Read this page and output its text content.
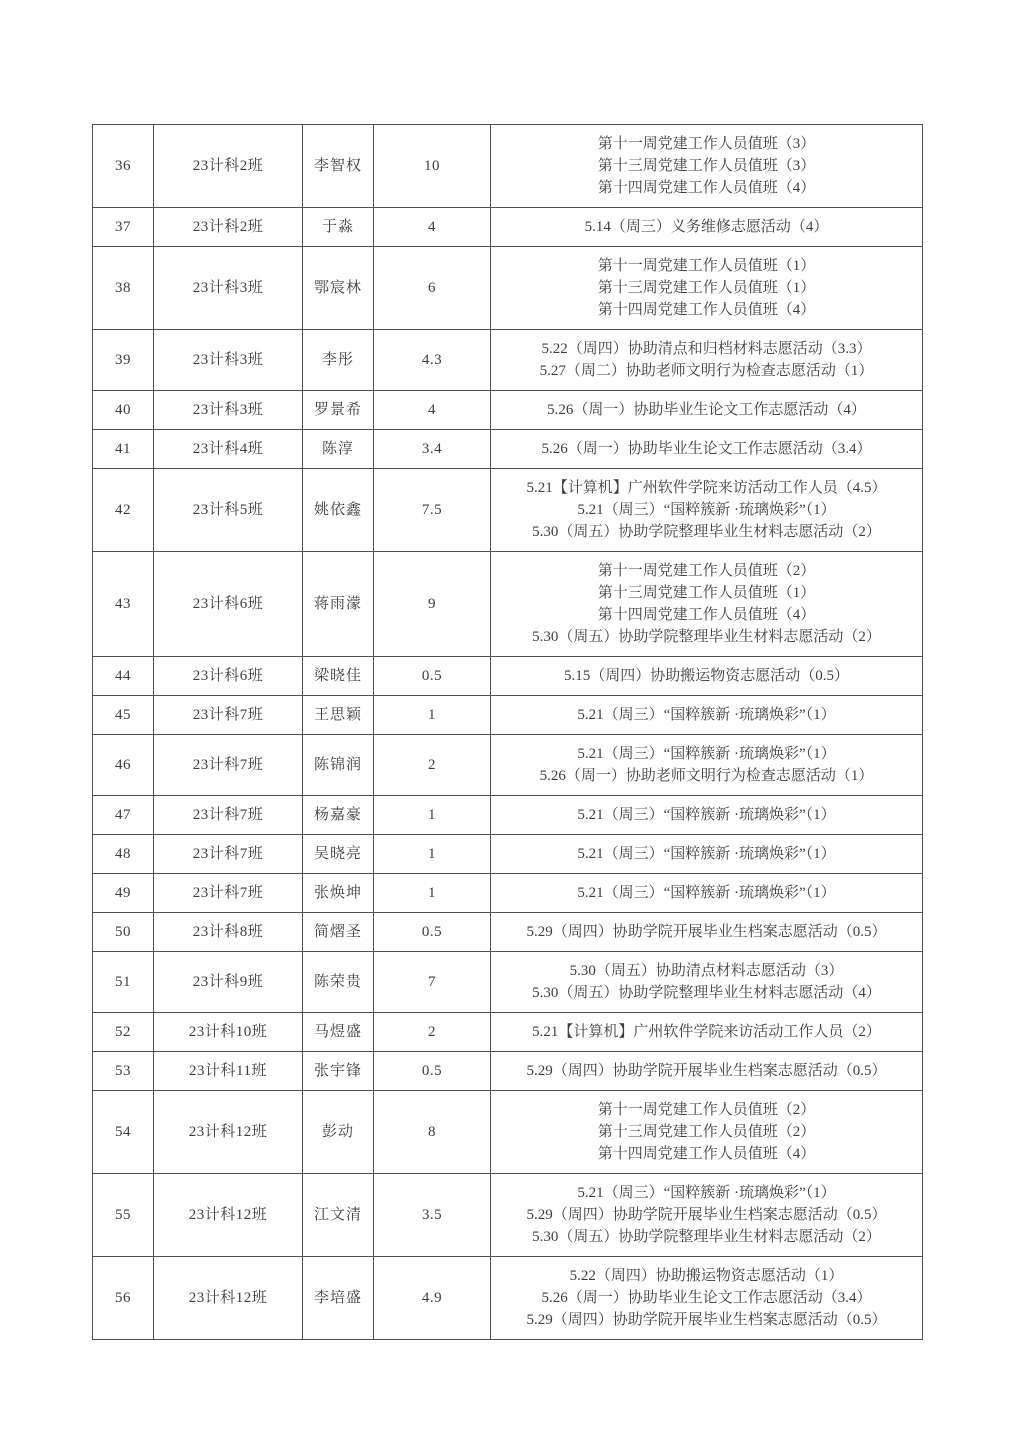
36	23计科2班	李智权	10	第十一周党建工作人员值班（3）
第十三周党建工作人员值班（3）
第十四周党建工作人员值班（4）

37	23计科2班	于淼	4	5.14（周三）义务维修志愿活动（4）

38	23计科3班	鄂宸林	6	第十一周党建工作人员值班（1）
第十三周党建工作人员值班（1）
第十四周党建工作人员值班（4）

39	23计科3班	李彤	4.3	5.22（周四）协助清点和归档材料志愿活动（3.3）
5.27（周二）协助老师文明行为检查志愿活动（1）

40	23计科3班	罗景希	4	5.26（周一）协助毕业生论文工作志愿活动（4）

41	23计科4班	陈淳	3.4	5.26（周一）协助毕业生论文工作志愿活动（3.4）

42	23计科5班	姚依鑫	7.5	5.21【计算机】广州软件学院来访活动工作人员（4.5）
5.21（周三）“国粹簇新 ·琉璃焕彩”（1）
5.30（周五）协助学院整理毕业生材料志愿活动（2）

43	23计科6班	蒋雨濛	9	第十一周党建工作人员值班（2）
第十三周党建工作人员值班（1）
第十四周党建工作人员值班（4）
5.30（周五）协助学院整理毕业生材料志愿活动（2）

44	23计科6班	梁晓佳	0.5	5.15（周四）协助搬运物资志愿活动（0.5）

45	23计科7班	王思颖	1	5.21（周三）“国粹簇新 ·琉璃焕彩”（1）

46	23计科7班	陈锦润	2	5.21（周三）“国粹簇新 ·琉璃焕彩”（1）
5.26（周一）协助老师文明行为检查志愿活动（1）

47	23计科7班	杨嘉豪	1	5.21（周三）“国粹簇新 ·琉璃焕彩”（1）

48	23计科7班	吴晓亮	1	5.21（周三）“国粹簇新 ·琉璃焕彩”（1）

49	23计科7班	张焕坤	1	5.21（周三）“国粹簇新 ·琉璃焕彩”（1）

50	23计科8班	简熠圣	0.5	5.29（周四）协助学院开展毕业生档案志愿活动（0.5）

51	23计科9班	陈荣贵	7	5.30（周五）协助清点材料志愿活动（3）
5.30（周五）协助学院整理毕业生材料志愿活动（4）

52	23计科10班	马煜盛	2	5.21【计算机】广州软件学院来访活动工作人员（2）

53	23计科11班	张宇锋	0.5	5.29（周四）协助学院开展毕业生档案志愿活动（0.5）

54	23计科12班	彭动	8	第十一周党建工作人员值班（2）
第十三周党建工作人员值班（2）
第十四周党建工作人员值班（4）

55	23计科12班	江文清	3.5	5.21（周三）“国粹簇新 ·琉璃焕彩”（1）
5.29（周四）协助学院开展毕业生档案志愿活动（0.5）
5.30（周五）协助学院整理毕业生材料志愿活动（2）

56	23计科12班	李培盛	4.9	5.22（周四）协助搬运物资志愿活动（1）
5.26（周一）协助毕业生论文工作志愿活动（3.4）
5.29（周四）协助学院开展毕业生档案志愿活动（0.5）
